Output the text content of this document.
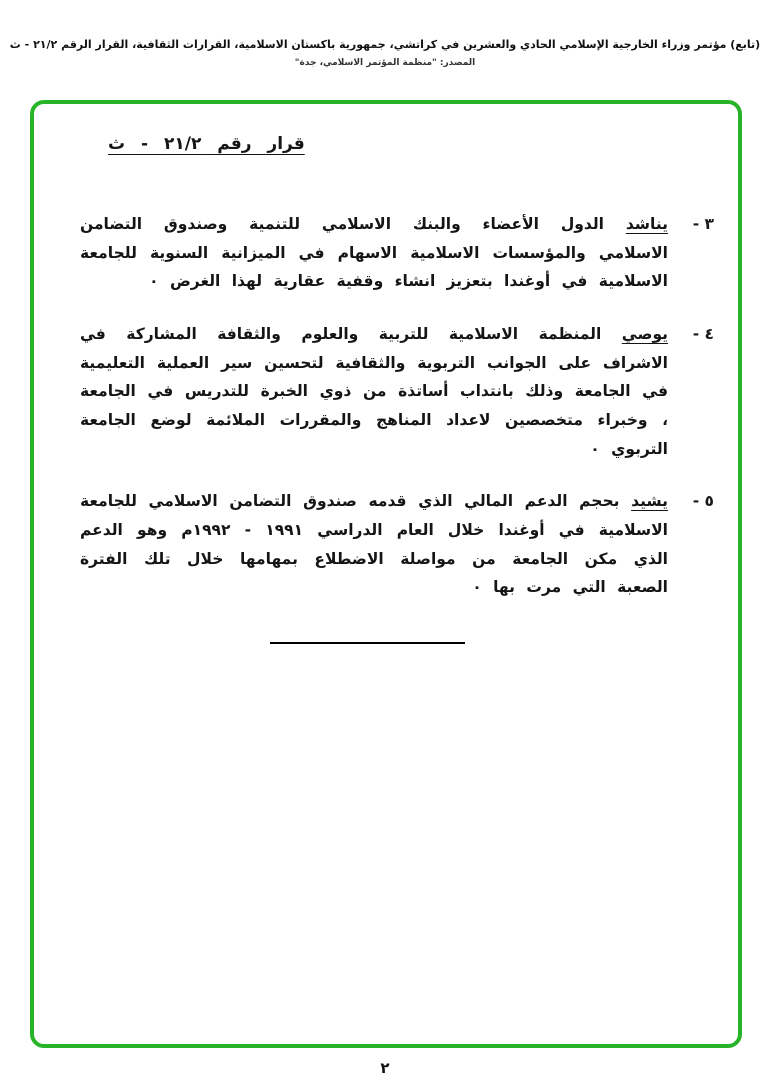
(تابع) مؤتمر وزراء الخارجية الإسلامي الحادي والعشرين في كراتشي، جمهورية باكستان الاسلامية، القرارات الثقافية، القرار الرقم ٢١/٢ - ث
المصدر: "منظمة المؤتمر الاسلامي، جدة"
قرار رقم ٢١/٢ - ث
٣ -
يناشد الدول الأعضاء والبنك الاسلامي للتنمية وصندوق التضامن الاسلامي والمؤسسات الاسلامية الاسهام في الميزانية السنوية للجامعة الاسلامية في أوغندا بتعزيز انشاء وقفية عقارية لهذا الغرض ٠
٤ -
يوصي المنظمة الاسلامية للتربية والعلوم والثقافة المشاركة في الاشراف على الجوانب التربوية والثقافية لتحسين سير العملية التعليمية في الجامعة وذلك بانتداب أساتذة من ذوي الخبرة للتدريس في الجامعة ، وخبراء متخصصين لاعداد المناهج والمقررات الملائمة لوضع الجامعة التربوي ٠
٥ -
يشيد بحجم الدعم المالي الذي قدمه صندوق التضامن الاسلامي للجامعة الاسلامية في أوغندا خلال العام الدراسي ١٩٩١ - ١٩٩٢م وهو الدعم الذي مكن الجامعة من مواصلة الاضطلاع بمهامها خلال تلك الفترة الصعبة التي مرت بها ٠
٢
